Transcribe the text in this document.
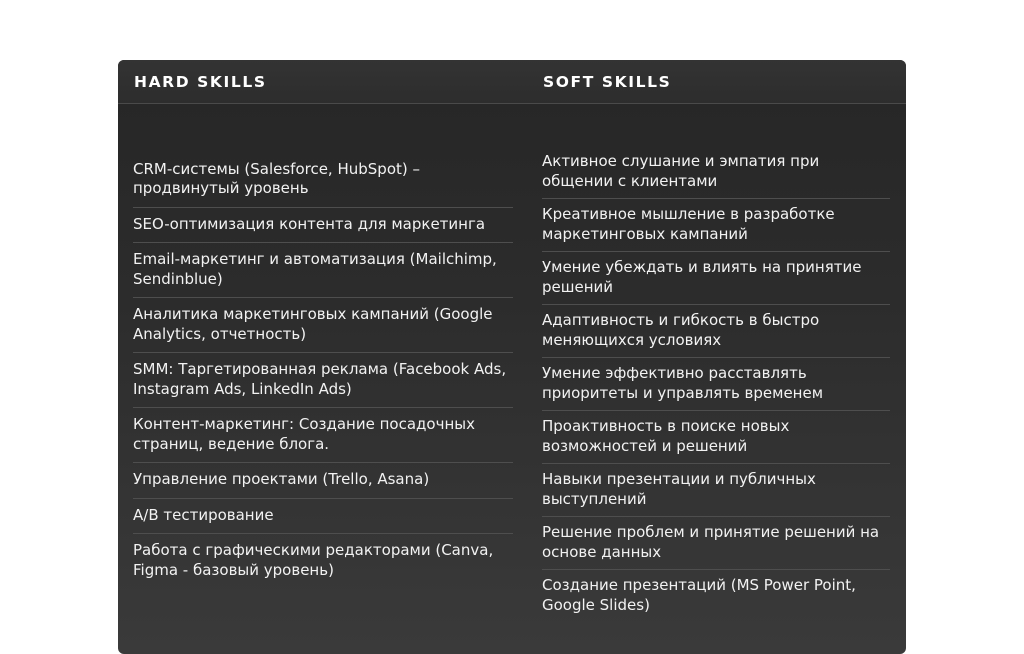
HARD SKILLS	SOFT SKILLS
CRM-системы (Salesforce, HubSpot) – продвинутый уровень
SEO-оптимизация контента для маркетинга
Email-маркетинг и автоматизация (Mailchimp, Sendinblue)
Аналитика маркетинговых кампаний (Google Analytics, отчетность)
SMM: Таргетированная реклама (Facebook Ads, Instagram Ads, LinkedIn Ads)
Контент-маркетинг: Создание посадочных страниц, ведение блога.
Управление проектами (Trello, Asana)
A/B тестирование
Работа с графическими редакторами (Canva, Figma - базовый уровень)
Активное слушание и эмпатия при общении с клиентами
Креативное мышление в разработке маркетинговых кампаний
Умение убеждать и влиять на принятие решений
Адаптивность и гибкость в быстро меняющихся условиях
Умение эффективно расставлять приоритеты и управлять временем
Проактивность в поиске новых возможностей и решений
Навыки презентации и публичных выступлений
Решение проблем и принятие решений на основе данных
Создание презентаций (MS Power Point, Google Slides)
